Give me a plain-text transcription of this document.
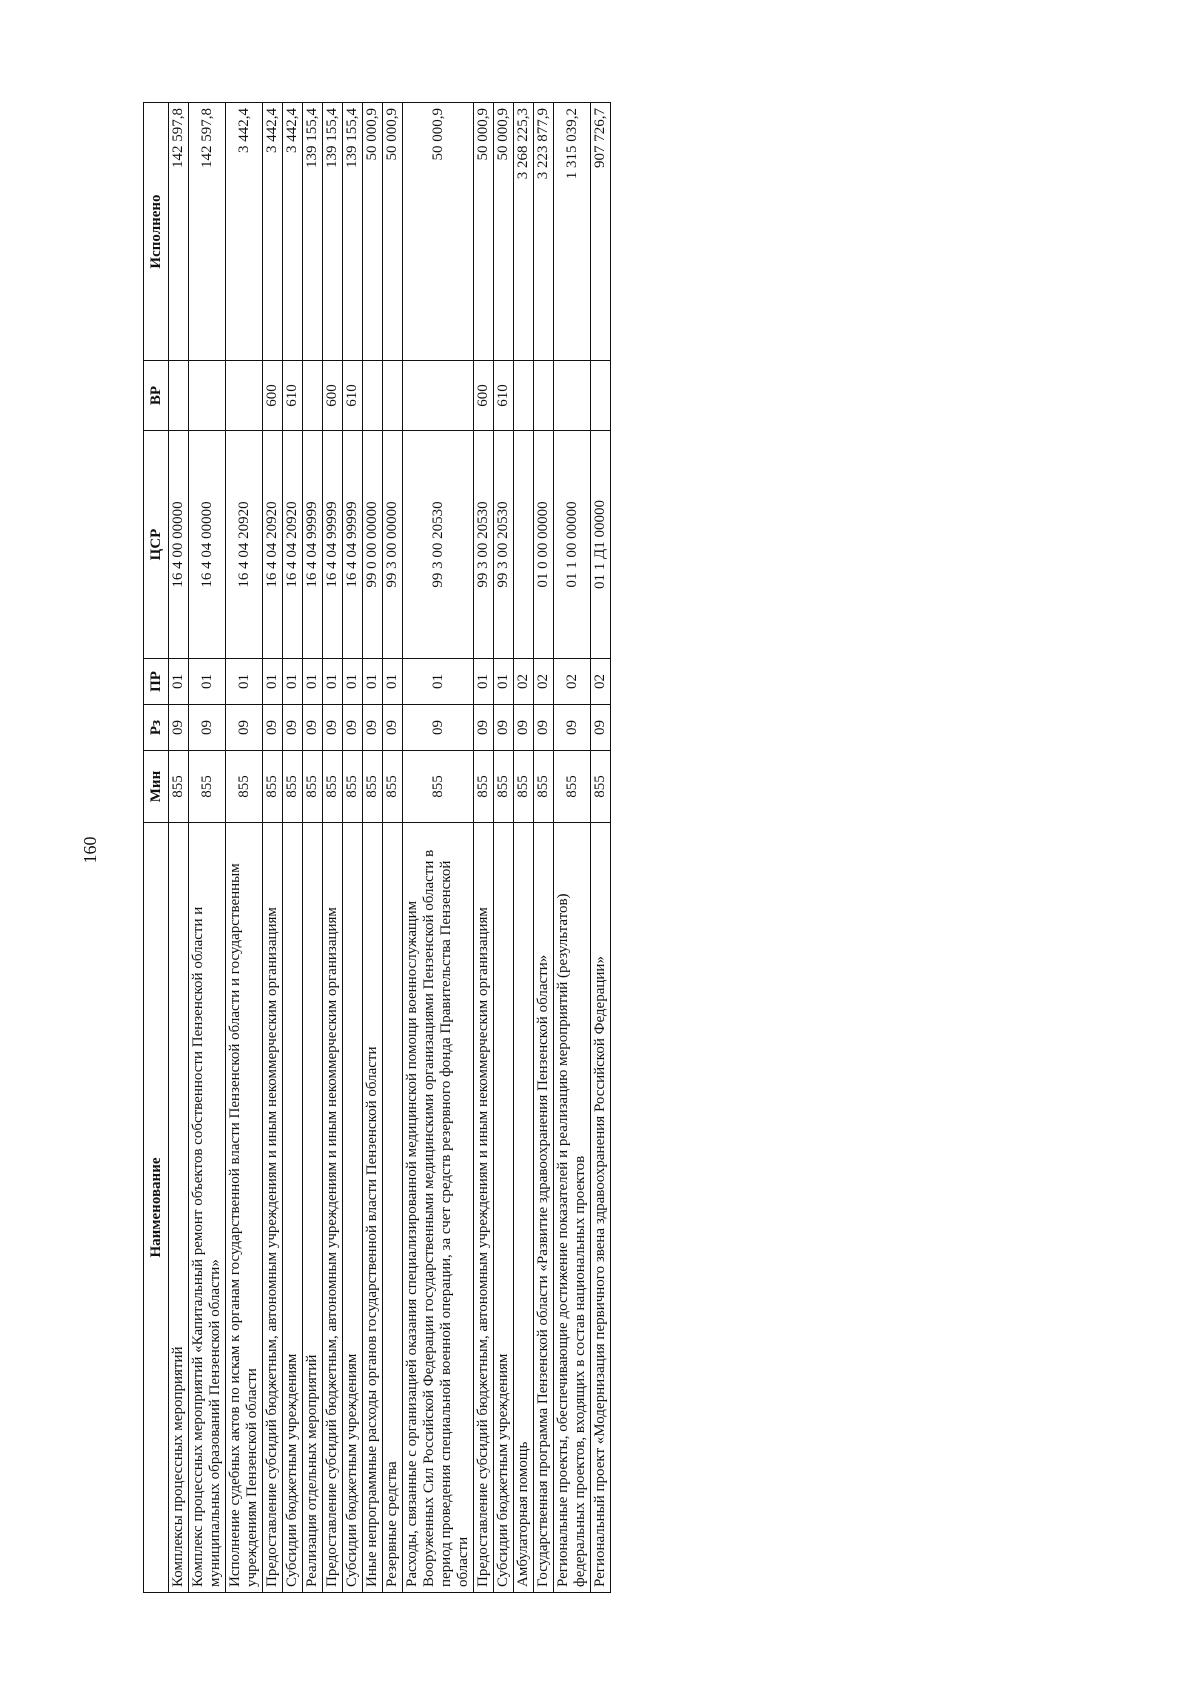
160
Наименование	Мин	Рз	ПР	ЦСР	ВР	Исполнено
Комплексы процессных мероприятий	855	09	01	16 4 00 00000		142 597,8
Комплекс процессных мероприятий «Капитальный ремонт объектов собственности Пензенской области и муниципальных образований Пензенской области»	855	09	01	16 4 04 00000		142 597,8
Исполнение судебных актов по искам к органам государственной власти Пензенской области и государственным учреждениям Пензенской области	855	09	01	16 4 04 20920		3 442,4
Предоставление субсидий бюджетным, автономным учреждениям и иным некоммерческим организациям	855	09	01	16 4 04 20920	600	3 442,4
Субсидии бюджетным учреждениям	855	09	01	16 4 04 20920	610	3 442,4
Реализация отдельных мероприятий	855	09	01	16 4 04 99999		139 155,4
Предоставление субсидий бюджетным, автономным учреждениям и иным некоммерческим организациям	855	09	01	16 4 04 99999	600	139 155,4
Субсидии бюджетным учреждениям	855	09	01	16 4 04 99999	610	139 155,4
Иные непрограммные расходы органов государственной власти Пензенской области	855	09	01	99 0 00 00000		50 000,9
Резервные средства	855	09	01	99 3 00 00000		50 000,9
Расходы, связанные с организацией оказания специализированной медицинской помощи военнослужащим Вооруженных Сил Российской Федерации государственными медицинскими организациями Пензенской области в период проведения специальной военной операции, за счет средств резервного фонда Правительства Пензенской области	855	09	01	99 3 00 20530		50 000,9
Предоставление субсидий бюджетным, автономным учреждениям и иным некоммерческим организациям	855	09	01	99 3 00 20530	600	50 000,9
Субсидии бюджетным учреждениям	855	09	01	99 3 00 20530	610	50 000,9
Амбулаторная помощь	855	09	02			3 268 225,3
Государственная программа Пензенской области «Развитие здравоохранения Пензенской области»	855	09	02	01 0 00 00000		3 223 877,9
Региональные проекты, обеспечивающие достижение показателей и реализацию мероприятий (результатов) федеральных проектов, входящих в состав национальных проектов	855	09	02	01 1 00 00000		1 315 039,2
Региональный проект «Модернизация первичного звена здравоохранения Российской Федерации»	855	09	02	01 1 Д1 00000		907 726,7
